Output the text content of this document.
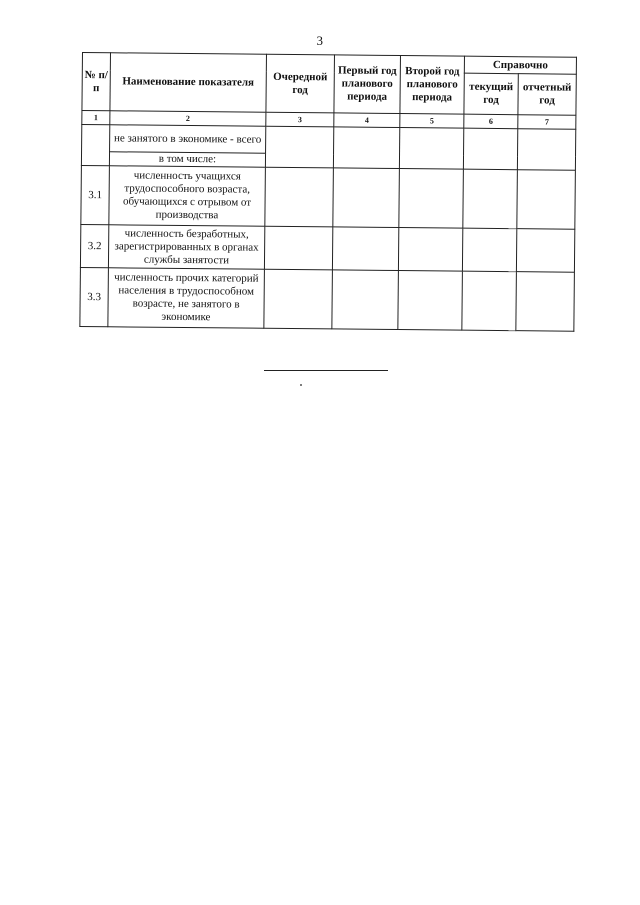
3
№ п/п	Наименование показателя	Очередной год	Первый год планового периода	Второй год планового периода	Справочно	
					текущий год	отчетный год
1	2	3	4	5	6	7
	не занятого в экономике - всего					
	в том числе:					
3.1	численность учащихся трудоспособного возраста, обучающихся с отрывом от производства					
3.2	численность безработных, зарегистрированных в органах службы занятости					
3.3	численность прочих категорий населения в трудоспособном возрасте, не занятого в экономике					
